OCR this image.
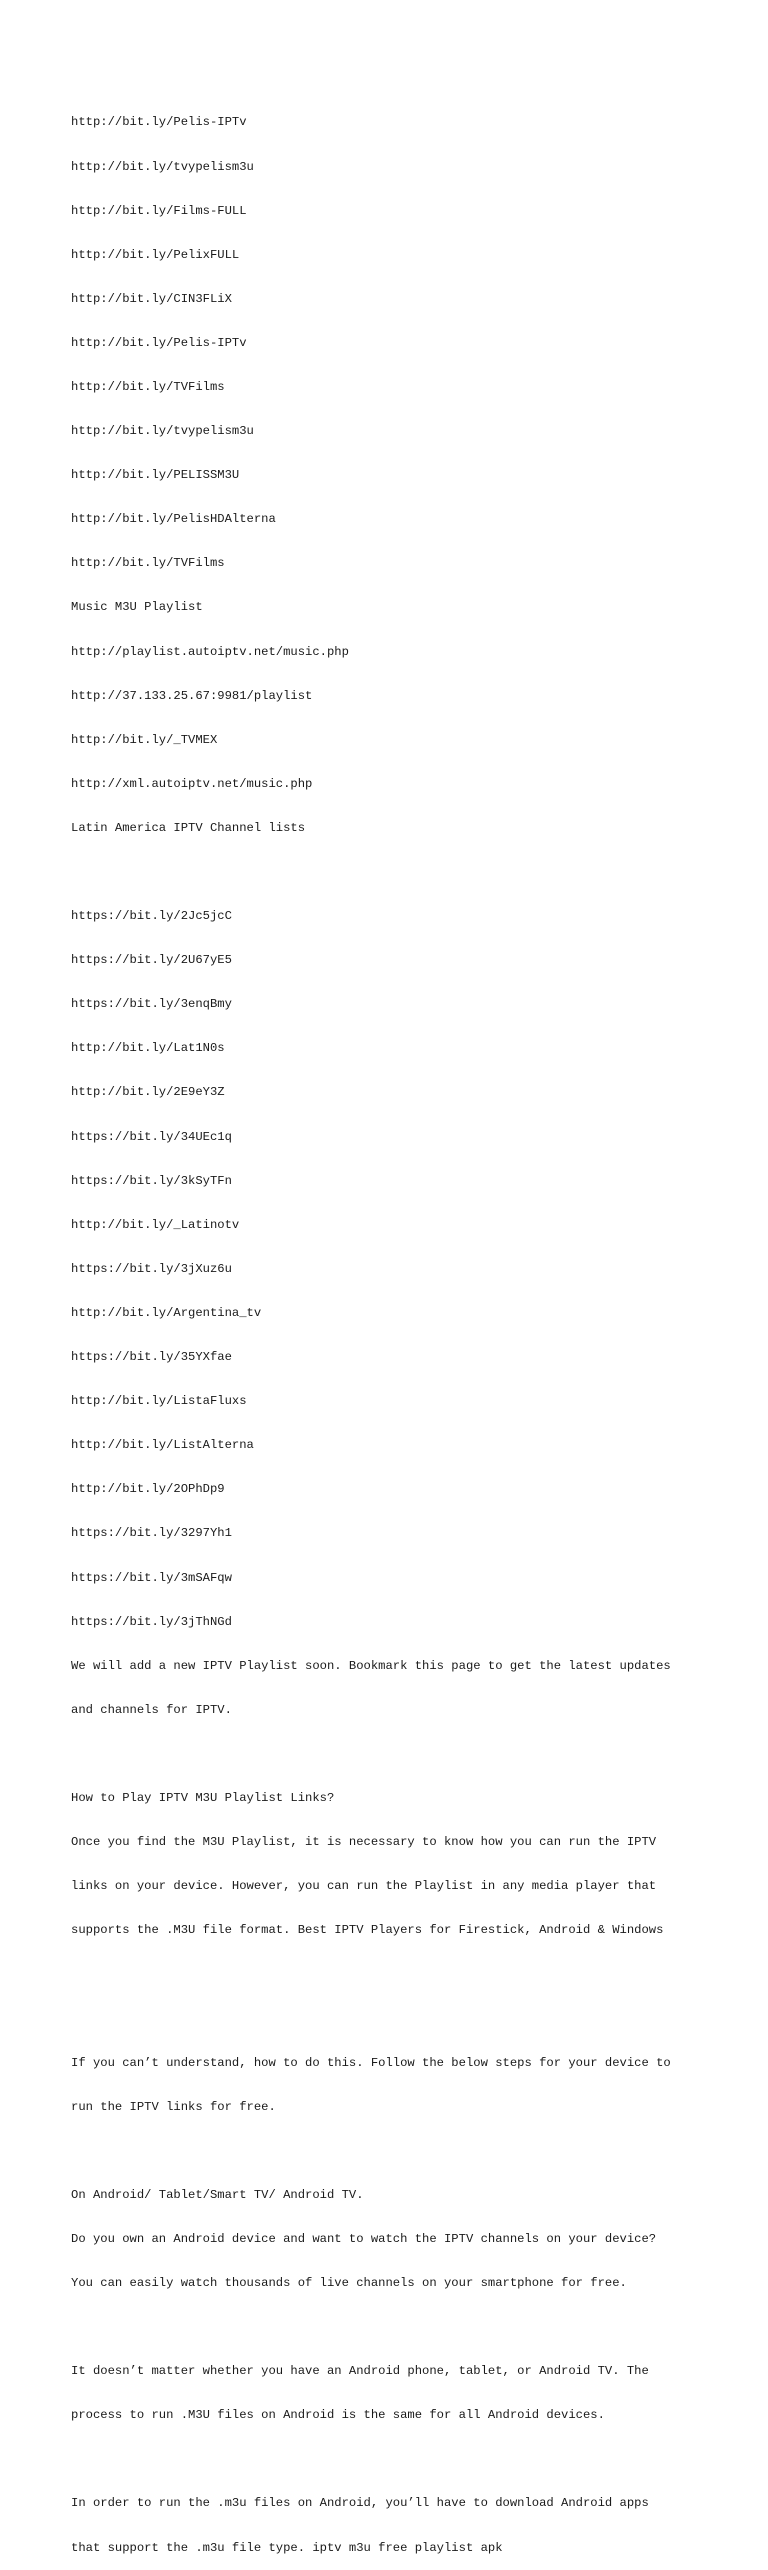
http://bit.ly/Pelis-IPTv

http://bit.ly/tvypelism3u

http://bit.ly/Films-FULL

http://bit.ly/PelixFULL

http://bit.ly/CIN3FLiX

http://bit.ly/Pelis-IPTv

http://bit.ly/TVFilms

http://bit.ly/tvypelism3u

http://bit.ly/PELISSM3U

http://bit.ly/PelisHDAlterna

http://bit.ly/TVFilms

Music M3U Playlist

http://playlist.autoiptv.net/music.php

http://37.133.25.67:9981/playlist

http://bit.ly/_TVMEX

http://xml.autoiptv.net/music.php

Latin America IPTV Channel lists

https://bit.ly/2Jc5jcC

https://bit.ly/2U67yE5

https://bit.ly/3enqBmy

http://bit.ly/Lat1N0s

http://bit.ly/2E9eY3Z

https://bit.ly/34UEc1q

https://bit.ly/3kSyTFn

http://bit.ly/_Latinotv

https://bit.ly/3jXuz6u

http://bit.ly/Argentina_tv

https://bit.ly/35YXfae

http://bit.ly/ListaFluxs

http://bit.ly/ListAlterna

http://bit.ly/2OPhDp9

https://bit.ly/3297Yh1

https://bit.ly/3mSAFqw

https://bit.ly/3jThNGd

We will add a new IPTV Playlist soon. Bookmark this page to get the latest updates

and channels for IPTV.

How to Play IPTV M3U Playlist Links?

Once you find the M3U Playlist, it is necessary to know how you can run the IPTV

links on your device. However, you can run the Playlist in any media player that

supports the .M3U file format. Best IPTV Players for Firestick, Android & Windows

If you can’t understand, how to do this. Follow the below steps for your device to

run the IPTV links for free.

On Android/ Tablet/Smart TV/ Android TV.

Do you own an Android device and want to watch the IPTV channels on your device?

You can easily watch thousands of live channels on your smartphone for free.

It doesn’t matter whether you have an Android phone, tablet, or Android TV. The

process to run .M3U files on Android is the same for all Android devices.

In order to run the .m3u files on Android, you’ll have to download Android apps

that support the .m3u file type. iptv m3u free playlist apk
